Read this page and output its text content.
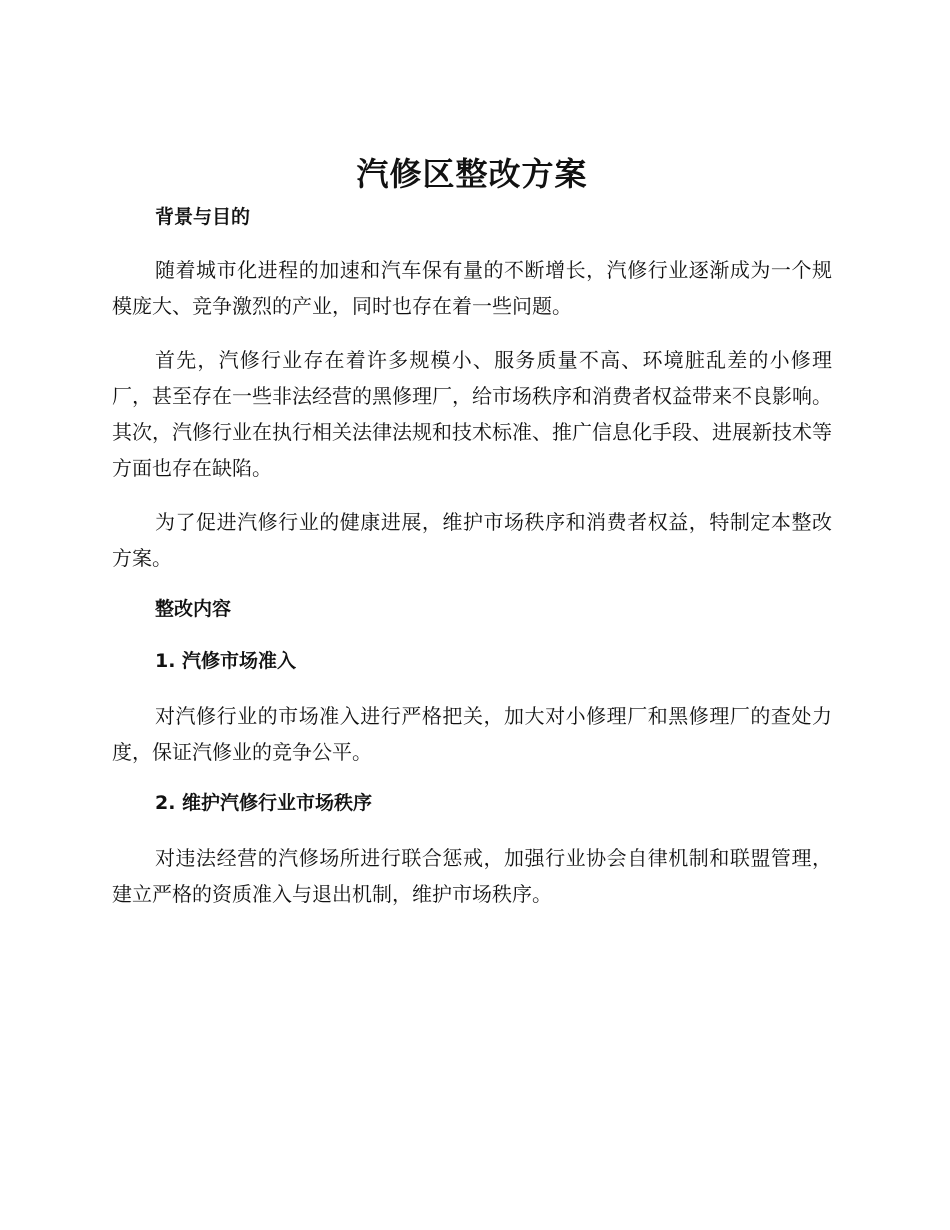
汽修区整改方案
背景与目的

随着城市化进程的加速和汽车保有量的不断增长，汽修行业逐渐成为一个规模庞大、竞争激烈的产业，同时也存在着一些问题。

首先，汽修行业存在着许多规模小、服务质量不高、环境脏乱差的小修理厂，甚至存在一些非法经营的黑修理厂，给市场秩序和消费者权益带来不良影响。其次，汽修行业在执行相关法律法规和技术标准、推广信息化手段、进展新技术等方面也存在缺陷。

为了促进汽修行业的健康进展，维护市场秩序和消费者权益，特制定本整改方案。

整改内容
1. 汽修市场准入

对汽修行业的市场准入进行严格把关，加大对小修理厂和黑修理厂的查处力度，保证汽修业的竞争公平。

2. 维护汽修行业市场秩序

对违法经营的汽修场所进行联合惩戒，加强行业协会自律机制和联盟管理，建立严格的资质准入与退出机制，维护市场秩序。
